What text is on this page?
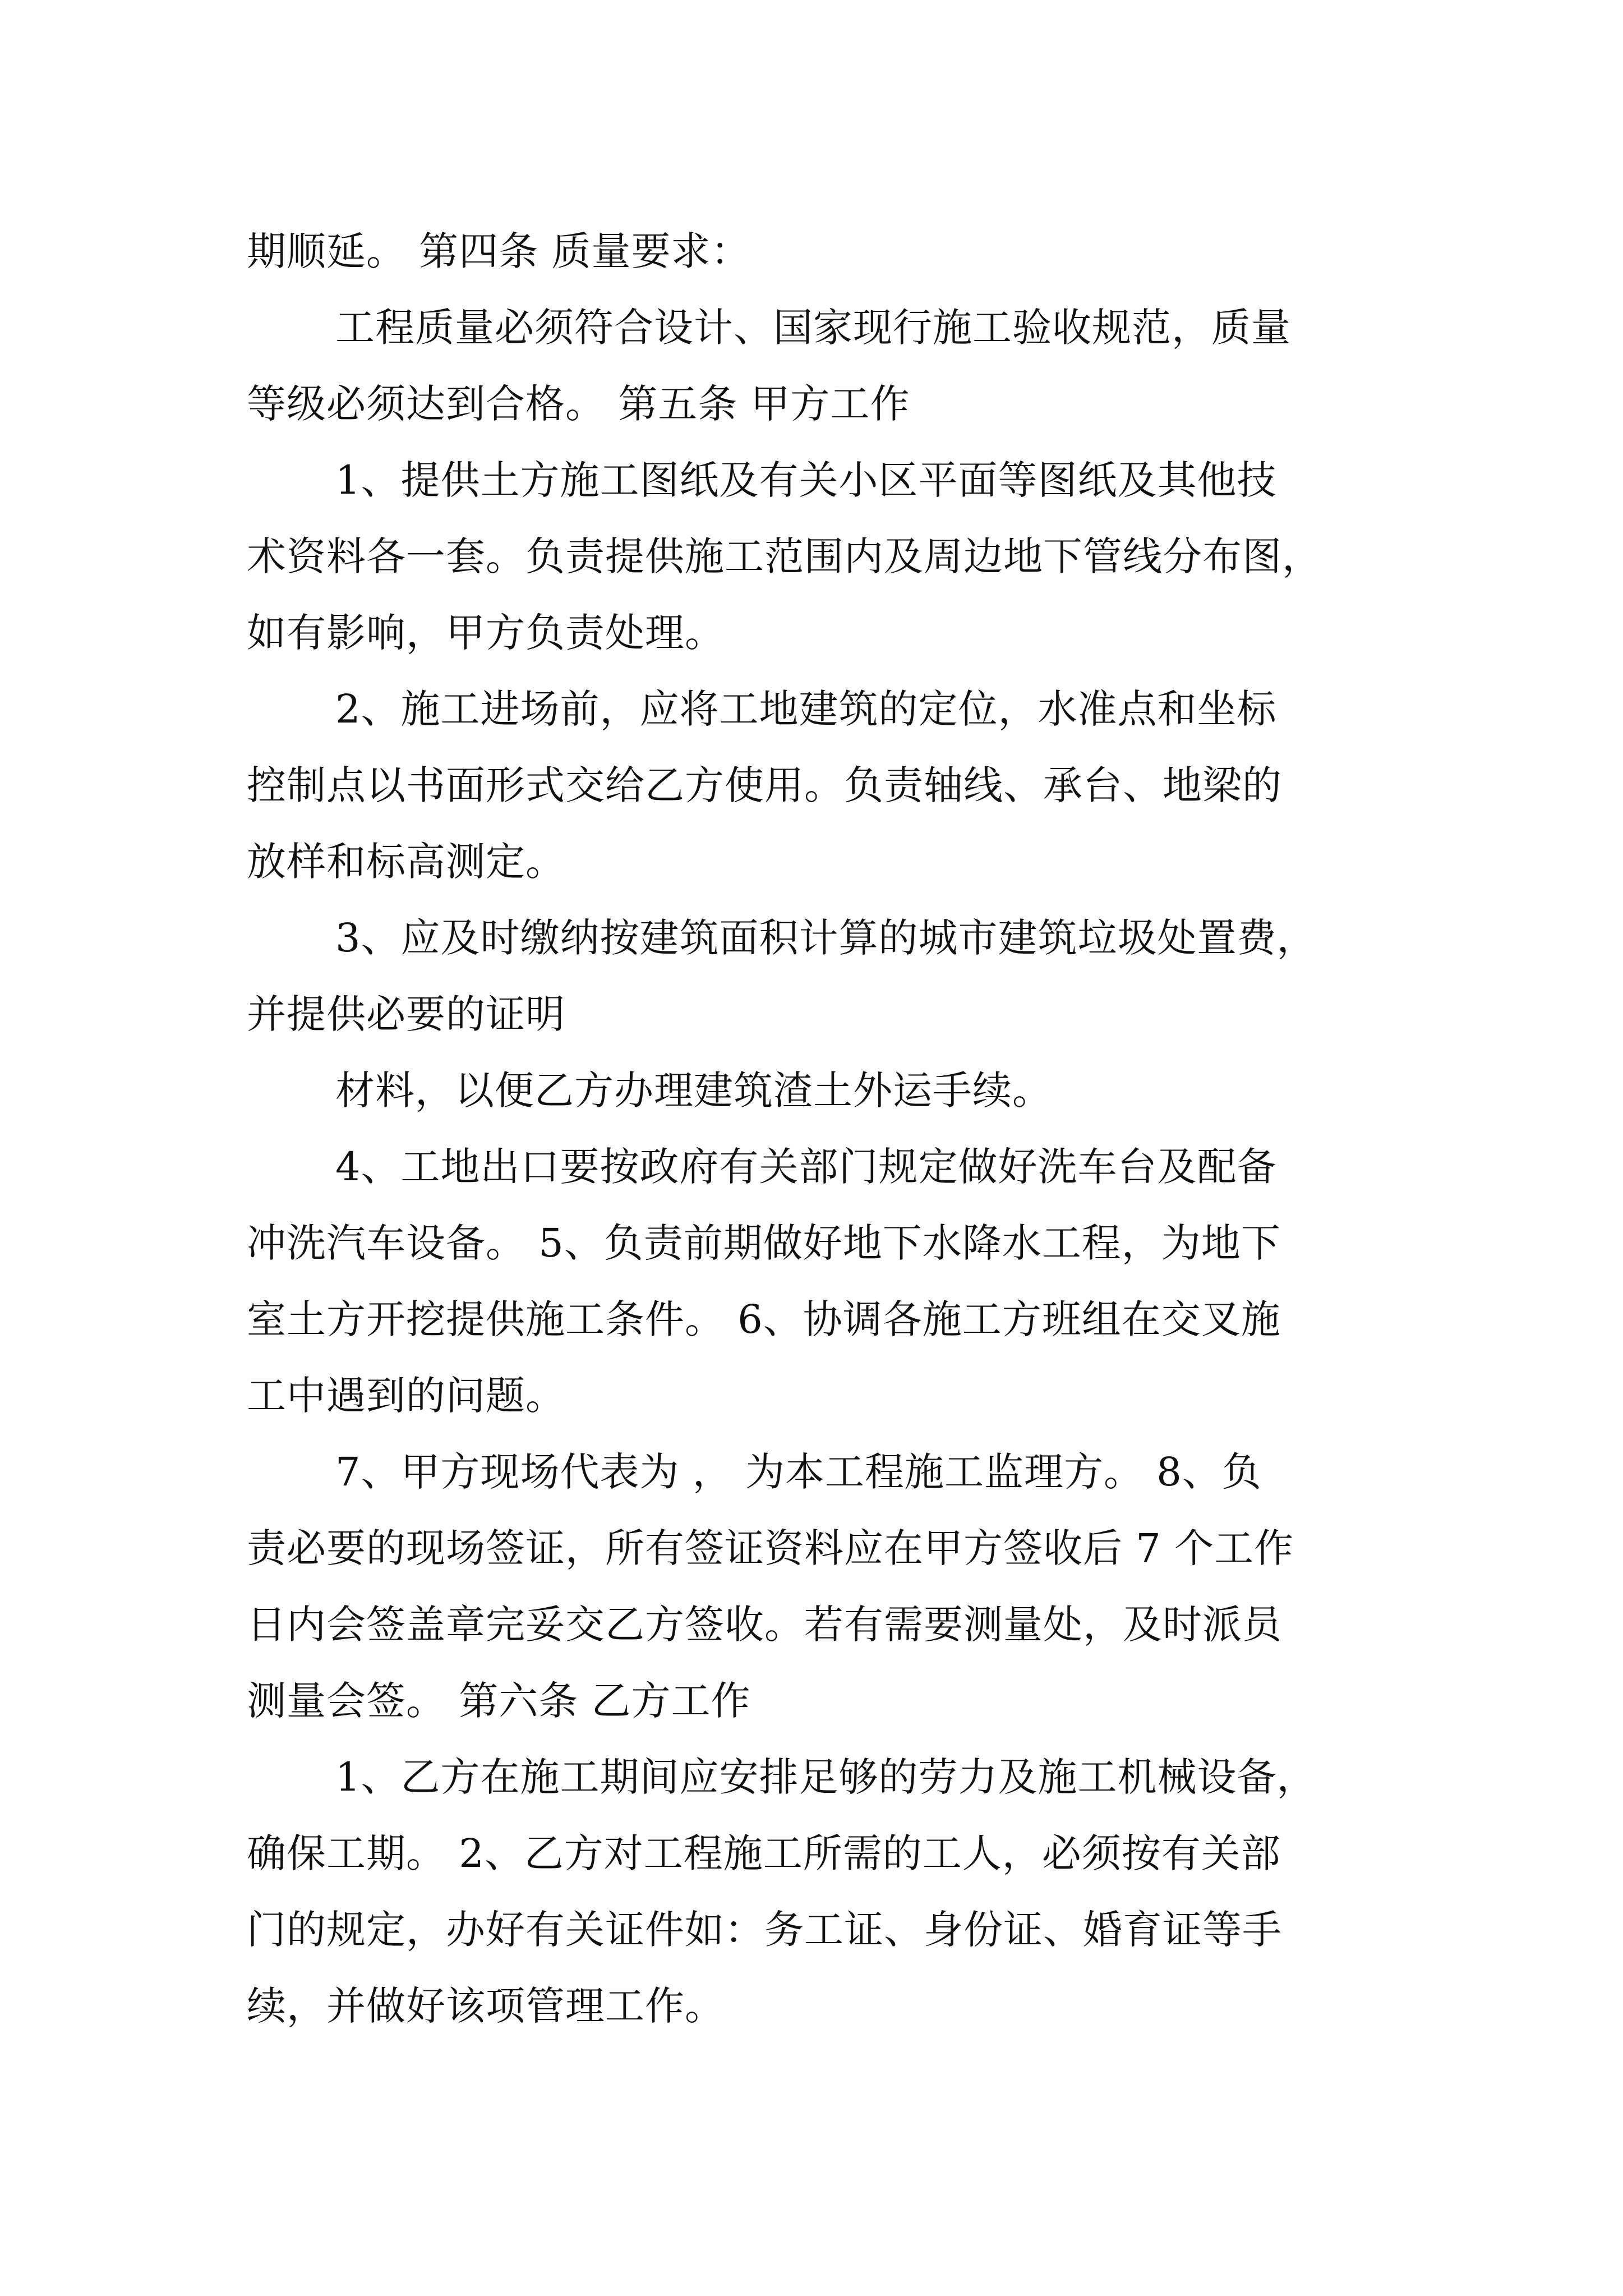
期顺延。 第四条 质量要求：

工程质量必须符合设计、国家现行施工验收规范，质量

等级必须达到合格。 第五条 甲方工作

1、提供土方施工图纸及有关小区平面等图纸及其他技

术资料各一套。负责提供施工范围内及周边地下管线分布图，

如有影响，甲方负责处理。

2、施工进场前，应将工地建筑的定位，水准点和坐标

控制点以书面形式交给乙方使用。负责轴线、承台、地梁的

放样和标高测定。

3、应及时缴纳按建筑面积计算的城市建筑垃圾处置费，

并提供必要的证明

材料，以便乙方办理建筑渣土外运手续。

4、工地出口要按政府有关部门规定做好洗车台及配备

冲洗汽车设备。 5、负责前期做好地下水降水工程，为地下

室土方开挖提供施工条件。 6、协调各施工方班组在交叉施

工中遇到的问题。

7、甲方现场代表为 ， 为本工程施工监理方。 8、负

责必要的现场签证，所有签证资料应在甲方签收后 7 个工作

日内会签盖章完妥交乙方签收。若有需要测量处，及时派员

测量会签。 第六条 乙方工作

1、乙方在施工期间应安排足够的劳力及施工机械设备，

确保工期。 2、乙方对工程施工所需的工人，必须按有关部

门的规定，办好有关证件如：务工证、身份证、婚育证等手

续，并做好该项管理工作。
